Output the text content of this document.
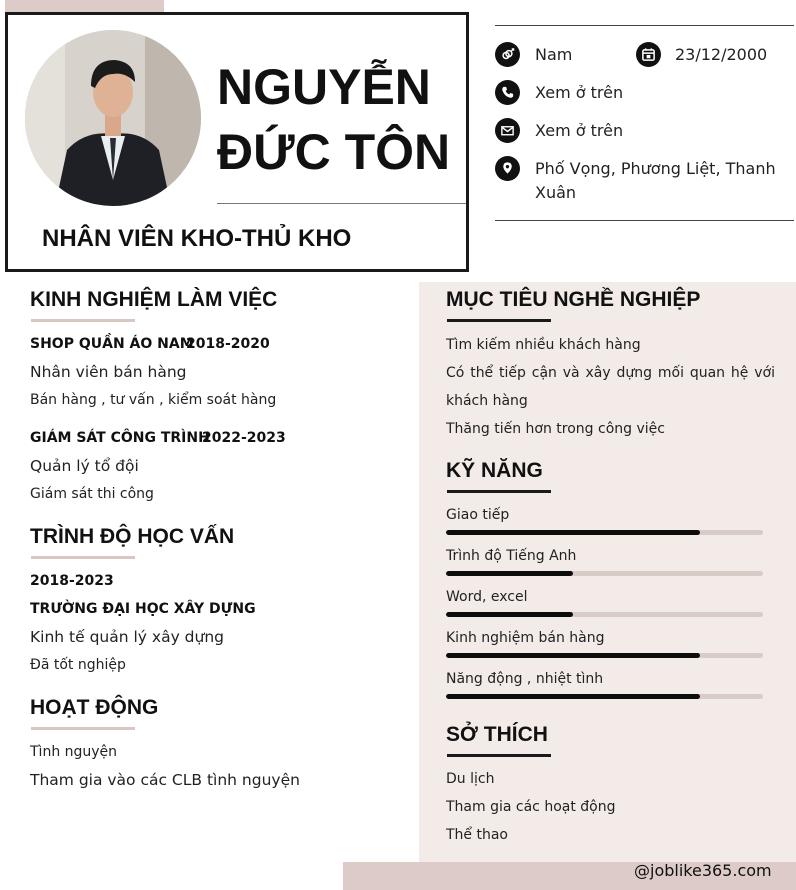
NGUYỄN
ĐỨC TÔN
NHÂN VIÊN KHO-THỦ KHO
Nam	23/12/2000
Xem ở trên
Xem ở trên
Phố Vọng, Phương Liệt, Thanh
Xuân
@joblike365.com
KINH NGHIỆM LÀM VIỆC
SHOP QUẦN ÁO NAM
2018-2020
Nhân viên bán hàng
Bán hàng , tư vấn , kiểm soát hàng
GIÁM SÁT CÔNG TRÌNH
2022-2023
Quản lý tổ đội
Giám sát thi công
TRÌNH ĐỘ HỌC VẤN
2018-2023
TRƯỜNG ĐẠI HỌC XÂY DỰNG
Kinh tế quản lý xây dựng
Đã tốt nghiệp
HOẠT ĐỘNG
Tình nguyện
Tham gia vào các CLB tình nguyện
MỤC TIÊU NGHỀ NGHIỆP
Tìm kiếm nhiều khách hàng
Có thể tiếp cận và xây dựng mối quan hệ với khách hàng
Thăng tiến hơn trong công việc
KỸ NĂNG
Giao tiếp
Trình độ Tiếng Anh
Word, excel
Kinh nghiệm bán hàng
Năng động , nhiệt tình
SỞ THÍCH
Du lịch
Tham gia các hoạt động
Thể thao
